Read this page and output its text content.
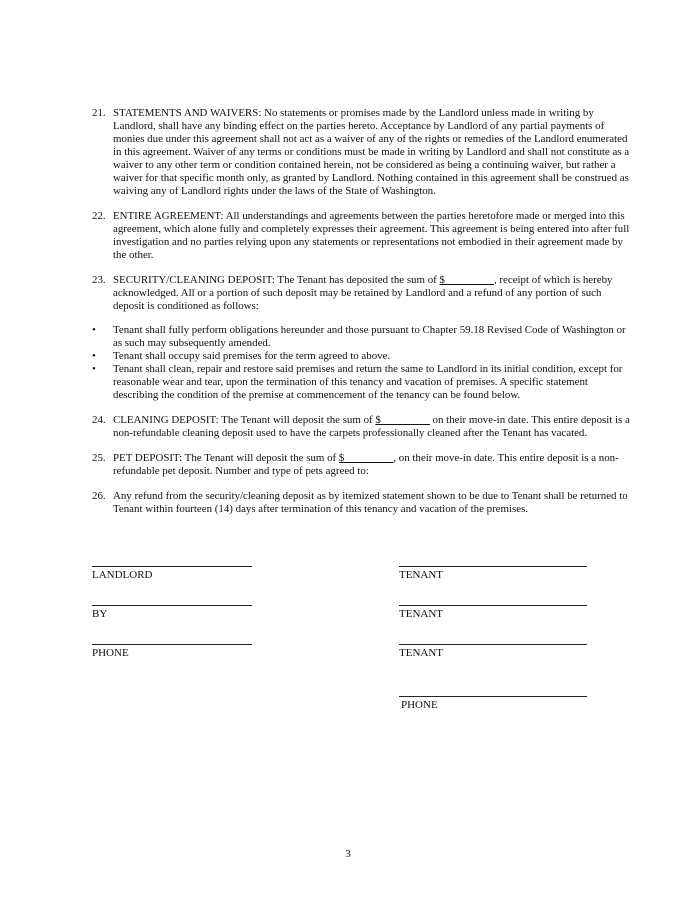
21. STATEMENTS AND WAIVERS: No statements or promises made by the Landlord unless made in writing by Landlord, shall have any binding effect on the parties hereto. Acceptance by Landlord of any partial payments of monies due under this agreement shall not act as a waiver of any of the rights or remedies of the Landlord enumerated in this agreement. Waiver of any terms or conditions must be made in writing by Landlord and shall not constitute as a waiver to any other term or condition contained herein, not be considered as being a continuing waiver, but rather a waiver for that specific month only, as granted by Landlord. Nothing contained in this agreement shall be construed as waiving any of Landlord rights under the laws of the State of Washington.
22. ENTIRE AGREEMENT: All understandings and agreements between the parties heretofore made or merged into this agreement, which alone fully and completely expresses their agreement. This agreement is being entered into after full investigation and no parties relying upon any statements or representations not embodied in their agreement made by the other.
23. SECURITY/CLEANING DEPOSIT: The Tenant has deposited the sum of $_________, receipt of which is hereby acknowledged. All or a portion of such deposit may be retained by Landlord and a refund of any portion of such deposit is conditioned as follows:
•	Tenant shall fully perform obligations hereunder and those pursuant to Chapter 59.18 Revised Code of Washington or as such may subsequently amended.
•	Tenant shall occupy said premises for the term agreed to above.
•	Tenant shall clean, repair and restore said premises and return the same to Landlord in its initial condition, except for reasonable wear and tear, upon the termination of this tenancy and vacation of premises. A specific statement describing the condition of the premise at commencement of the tenancy can be found below.
24. CLEANING DEPOSIT: The Tenant will deposit the sum of $_________ on their move-in date. This entire deposit is a non-refundable cleaning deposit used to have the carpets professionally cleaned after the Tenant has vacated.
25. PET DEPOSIT: The Tenant will deposit the sum of $_________, on their move-in date. This entire deposit is a non-refundable pet deposit. Number and type of pets agreed to:
26. Any refund from the security/cleaning deposit as by itemized statement shown to be due to Tenant shall be returned to Tenant within fourteen (14) days after termination of this tenancy and vacation of the premises.
LANDLORD
BY
PHONE
TENANT
TENANT
TENANT
PHONE
3
